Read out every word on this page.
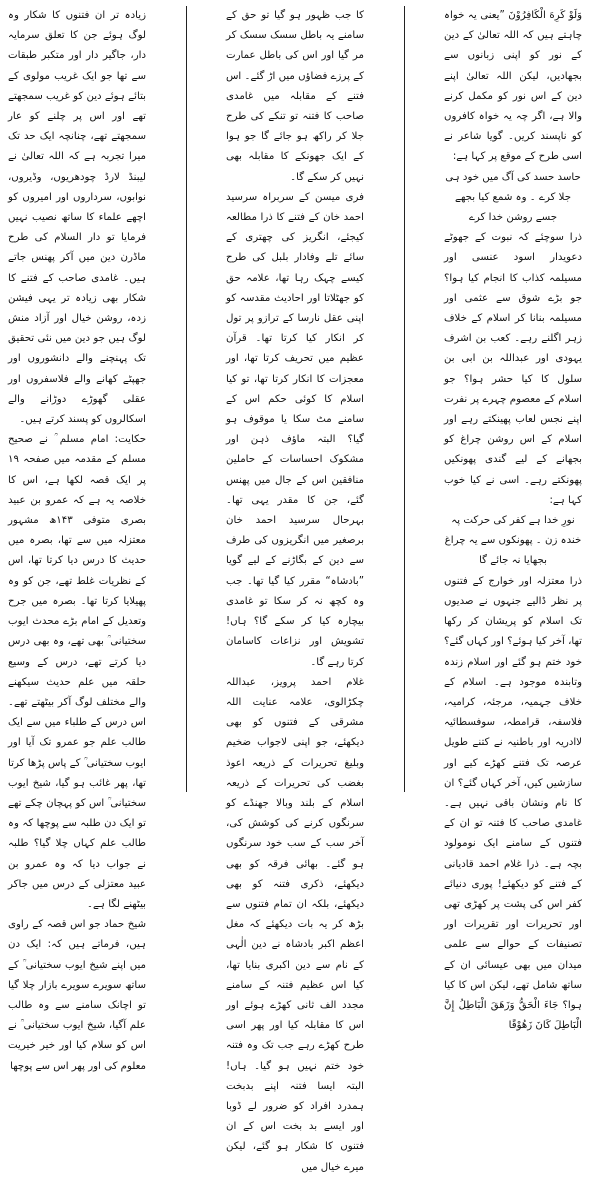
وَلَوْ كَرِهَ الْكَافِرُوْنَ ”یعنی یہ خواہ چاہتے ہیں کہ اللہ تعالیٰ کے دین کے نور کو اپنی زبانوں سے بجھادیں، لیکن اللہ تعالیٰ اپنے دین کے اس نور کو مکمل کرنے والا ہے، اگر چہ یہ خواہ کافروں کو ناپسند کریں۔ گویا شاعر نے اسی طرح کے موقع پر کہا ہے:

حاسد حسد کی آگ میں خود ہی جلا کرے ۔ وہ شمع کیا بجھے جسے روشن خدا کرے

ذرا سوچئے کہ نبوت کے جھوٹے دعویدار اسود عنسی اور مسیلمہ کذاب کا انجام کیا ہوا؟ جو بڑے شوق سے عثمی اور مسیلمہ بنانا کر اسلام کے خلاف زہر اگلنے رہے۔ کعب بن اشرف یہودی اور عبداللہ بن ابی بن سلول کا کیا حشر ہوا؟ جو اسلام کے معصوم چہرے پر نفرت اپنے نجس لعاب پھینکتے رہے اور اسلام کے اس روشن چراغ کو بجھانے کے لیے گندی پھونکیں پھونکتے رہے۔ اسی نے کیا خوب کہا ہے:

نورِ خدا ہے کفر کی حرکت پہ خندہ زن ۔ پھونکوں سے یہ چراغ بجھایا نہ جائے گا

ذرا معتزلہ اور خوارج کے فتنوں پر نظر ڈالیے جنہوں نے صدیوں تک اسلام کو پریشان کر رکھا تھا، آخر کیا ہوئے؟ اور کہاں گئے؟ خود ختم ہو گئے اور اسلام زندہ وتابندہ موجود ہے۔ اسلام کے خلاف جہمیہ، مرجئہ، کرامیہ، فلاسفہ، قرامطہ، سوفسطائیہ لاادریہ اور باطنیہ نے کتنے طویل عرصہ تک فتنے کھڑے کیے اور سازشیں کیں، آخر کہاں گئے؟ ان کا نام ونشان باقی نہیں ہے۔ غامدی صاحب کا فتنہ تو ان کے فتنوں کے سامنے ایک نومولود بچہ ہے۔ ذرا غلام احمد قادیانی کے فتنے کو دیکھئے! پوری دنیائے کفر اس کی پشت پر کھڑی تھی اور تحریرات اور تقریرات اور تصنیفات کے حوالے سے علمی میدان میں بھی عیسائی ان کے ساتھ شامل تھے، لیکن اس کا کیا ہوا؟ جَاءَ الْحَقُّ وَزَهَقَ الْبَاطِلُ إِنَّ الْبَاطِلَ كَانَ زَهُوْقًا

کا جب ظہور ہو گیا تو حق کے سامنے یہ باطل سسک سسک کر مر گیا اور اس کی باطل عمارت کے پرزے فضاؤں میں اڑ گئے۔ اس فتنے کے مقابلہ میں غامدی صاحب کا فتنہ تو تنکے کی طرح جلا کر راکھ ہو جائے گا جو ہوا کے ایک جھونکے کا مقابلہ بھی نہیں کر سکے گا۔

فری میسن کے سربراہ سرسید احمد خان کے فتنے کا ذرا مطالعہ کیجئے، انگریز کی چھتری کے سائے تلے وفادار بلبل کی طرح کیسے چہک رہا تھا، علامہ حق کو جھٹلاتا اور احادیث مقدسہ کو اپنی عقل نارسا کے ترازو پر تول کر انکار کیا کرتا تھا۔ قرآن عظیم میں تحریف کرتا تھا، اور معجزات کا انکار کرتا تھا، تو کیا اسلام کا کوئی حکم اس کے سامنے مٹ سکا یا موقوف ہو گیا؟ البتہ ماؤف ذہن اور مشکوک احساسات کے حاملین منافقین اس کے جال میں پھنس گئے، جن کا مقدر یہی تھا۔ بہرحال سرسید احمد خان برصغیر میں انگریزوں کی طرف سے دین کے بگاڑنے کے لیے گویا ”بادشاہ“ مقرر کیا گیا تھا۔ جب وہ کچھ نہ کر سکا تو غامدی بیچارہ کیا کر سکے گا؟ ہاں! تشویش اور نزاعات کاسامان کرتا رہے گا۔

غلام احمد پرویز، عبداللہ چکڑالوی، علامہ عنایت اللہ مشرقی کے فتنوں کو بھی دیکھئے، جو اپنی لاجواب ضخیم وبلیغ تحریرات کے ذریعہ اعوذ بغضب کی تحریرات کے ذریعہ اسلام کے بلند وبالا جھنڈے کو سرنگوں کرنے کی کوشش کی، آخر سب کے سب خود سرنگوں ہو گئے۔ بھائی فرقہ کو بھی دیکھئے، ذکری فتنہ کو بھی دیکھئے، بلکہ ان تمام فتنوں سے بڑھ کر یہ بات دیکھئے کہ مغل اعظم اکبر بادشاہ نے دین الٰہی کے نام سے دین اکبری بنایا تھا، کیا اس عظیم فتنہ کے سامنے مجدد الف ثانی کھڑے ہوئے اور اس کا مقابلہ کیا اور پھر اسی طرح کھڑے رہے جب تک وہ فتنہ خود ختم نہیں ہو گیا۔ ہاں! البتہ ایسا فتنہ اپنے بدبخت ہمدرد افراد کو ضرور لے ڈوبا اور ایسے بد بخت اس کے ان فتنوں کا شکار ہو گئے، لیکن میرے خیال میں

زیادہ تر ان فتنوں کا شکار وہ لوگ ہوئے جن کا تعلق سرمایہ دار، جاگیر دار اور متکبر طبقات سے تھا جو ایک غریب مولوی کے بتائے ہوئے دین کو غریب سمجھتے تھے اور اس پر چلنے کو عار سمجھتے تھے، چنانچہ ایک حد تک میرا تجربہ ہے کہ اللہ تعالیٰ نے لیبنڈ لارڈ چودھریوں، وڈیروں، نوابوں، سرداروں اور امیروں کو اچھے علماء کا ساتھ نصیب نہیں فرمایا تو دار السلام کی طرح ماڈرن دین میں آکر پھنس جاتے ہیں۔ غامدی صاحب کے فتنے کا شکار بھی زیادہ تر یہی فیشن زدہ، روشن خیال اور آزاد منش لوگ ہیں جو دین میں نئی تحقیق تک پہنچنے والے دانشوروں اور جھپٹے کھانے والے فلاسفروں اور عقلی گھوڑے دوڑانے والے اسکالروں کو پسند کرتے ہیں۔

حکایت: امام مسلم ؒ نے صحیح مسلم کے مقدمہ میں صفحہ ۱۹ پر ایک قصہ لکھا ہے، اس کا خلاصہ یہ ہے کہ عمرو بن عبید بصری متوفی ۱۴۳ھ مشہور معتزلہ میں سے تھا، بصرہ میں حدیث کا درس دیا کرتا تھا، اس کے نظریات غلط تھے، جن کو وہ پھیلایا کرتا تھا۔ بصرہ میں جرح وتعدیل کے امام بڑے محدث ایوب سختیانی ؒ بھی تھے، وہ بھی درس دیا کرتے تھے، درس کے وسیع حلقہ میں علم حدیث سیکھنے والے مختلف لوگ آکر بیٹھتے تھے۔ اس درس کے طلباء میں سے ایک طالب علم جو عمرو تک آیا اور ایوب سختیانی ؒ کے پاس پڑھا کرتا تھا، پھر غائب ہو گیا، شیخ ایوب سختیانی ؒ اس کو پہچان چکے تھے تو ایک دن طلبہ سے پوچھا کہ وہ طالب علم کہاں چلا گیا؟ طلبہ نے جواب دیا کہ وہ عمرو بن عبید معتزلی کے درس میں جاکر بیٹھنے لگا ہے۔

شیخ حماد جو اس قصہ کے راوی ہیں، فرماتے ہیں کہ: ایک دن میں اپنے شیخ ایوب سختیانی ؒ کے ساتھ سویرے سویرے بازار چلا گیا تو اچانک سامنے سے وہ طالب علم آگیا، شیخ ایوب سختیانی ؒ نے اس کو سلام کیا اور خیر خیریت معلوم کی اور پھر اس سے پوچھا
